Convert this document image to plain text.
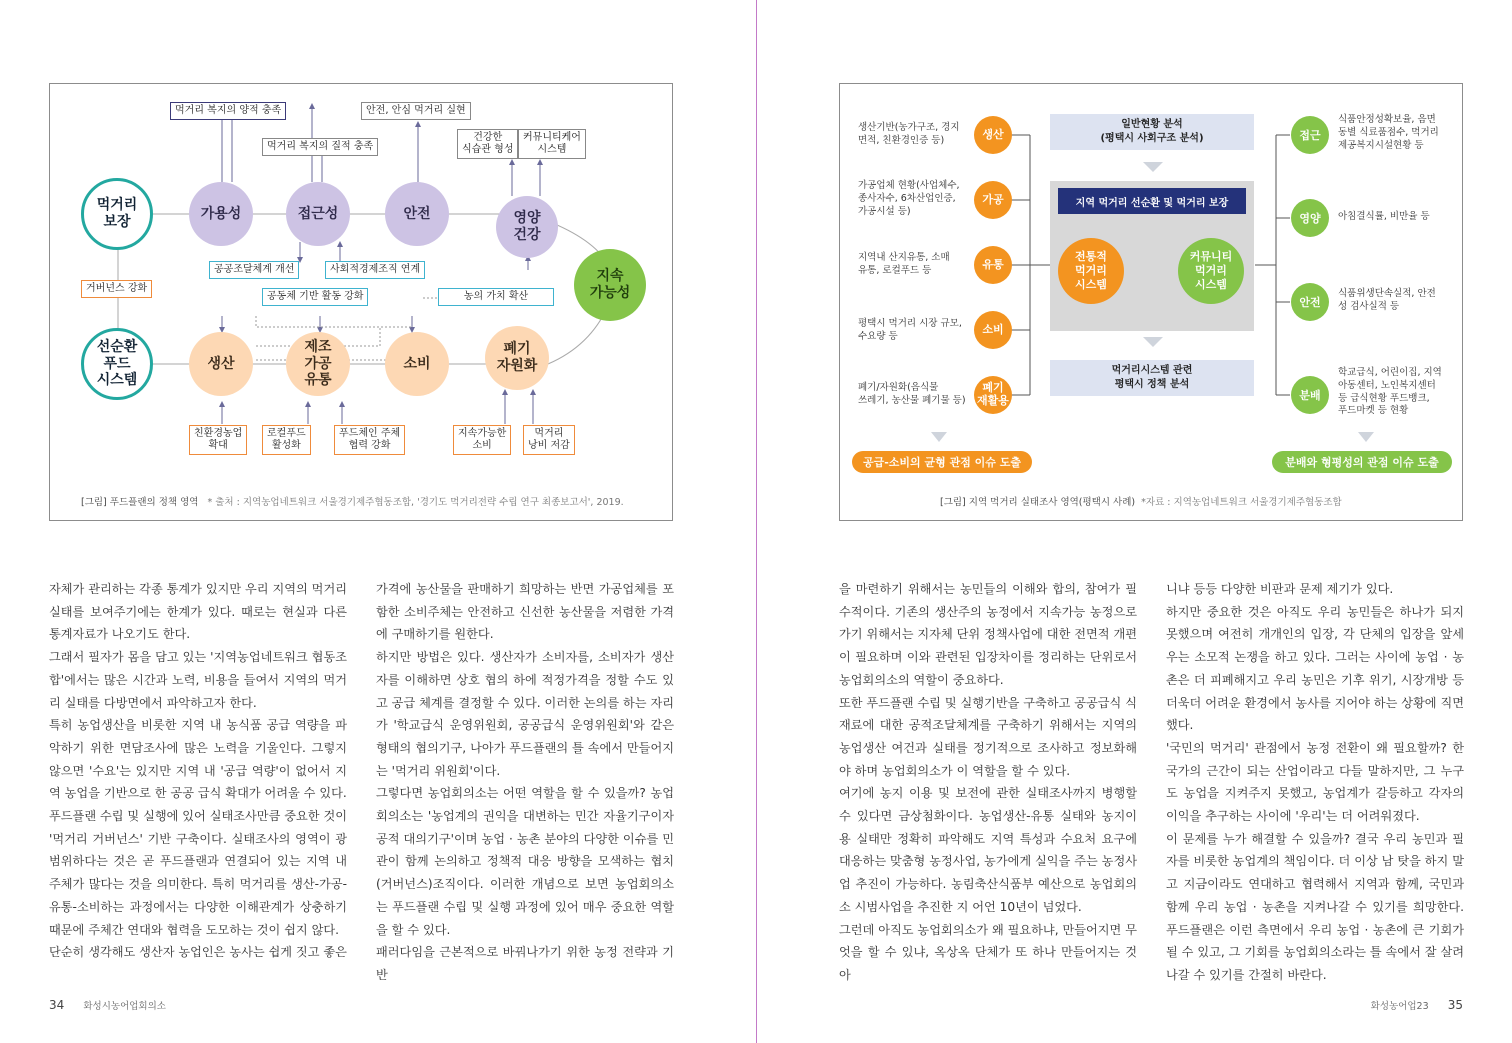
먹거리
보장
선순환
푸드
시스템
가용성	접근성	안전	영양
건강
지속
가능성
생산
제조
가공
유통
소비
폐기
자원화
먹거리 복지의 양적 충족	안전, 안심 먹거리 실현
먹거리 복지의 질적 충족
건강한
식습관 형성
커뮤니티케어
시스템
거버넌스 강화
공공조달체계 개선	사회적경제조직 연계
공동체 기반 활동 강화	농의 가치 확산
친환경농업
확대
로컬푸드
활성화
푸드체인 주체
협력 강화
지속가능한
소비
먹거리
낭비 저감
[그림] 푸드플랜의 정책 영역 * 출처 : 지역농업네트워크 서울경기제주협동조합, '경기도 먹거리전략 수립 연구 최종보고서', 2019.
생산기반(농가구조, 경지
면적, 친환경인증 등)	생산
가공업체 현황(사업체수,
종사자수, 6차산업인증,
가공시설 등)
가공
지역내 산지유통, 소매
유통, 로컬푸드 등	유통
평택시 먹거리 시장 규모,
수요량 등
소비
폐기/자원화(음식물
쓰레기, 농산물 폐기물 등)
폐기
재활용
일반현황 분석
(평택시 사회구조 분석)
지역 먹거리 선순환 및 먹거리 보장
전통적
먹거리
시스템
커뮤니티
먹거리
시스템
먹거리시스템 관련
평택시 정책 분석
접근
식품안정성확보율, 음면
동별 식료품점수, 먹거리
제공복지시설현황 등
영양 아침결식률, 비만율 등
안전
식품위생단속실적, 안전
성 검사실적 등
분배
학교급식, 어린이집, 지역
아동센터, 노인복지센터
등 급식현황 푸드뱅크,
푸드마켓 등 현황
공급-소비의 균형 관점 이슈 도출	분배와 형평성의 관점 이슈 도출
[그림] 지역 먹거리 실태조사 영역(평택시 사례) *자료 : 지역농업네트워크 서울경기제주협동조합

자체가 관리하는 각종 통계가 있지만 우리 지역의 먹거리 실태를 보여주기에는 한계가 있다. 때로는 현실과 다른 통계자료가 나오기도 한다.

그래서 필자가 몸을 담고 있는 '지역농업네트워크 협동조합'에서는 많은 시간과 노력, 비용을 들여서 지역의 먹거리 실태를 다방면에서 파악하고자 한다.

특히 농업생산을 비롯한 지역 내 농식품 공급 역량을 파악하기 위한 면담조사에 많은 노력을 기울인다. 그렇지 않으면 '수요'는 있지만 지역 내 '공급 역량'이 없어서 지역 농업을 기반으로 한 공공 급식 확대가 어려울 수 있다.

푸드플랜 수립 및 실행에 있어 실태조사만큼 중요한 것이 '먹거리 거버넌스' 기반 구축이다. 실태조사의 영역이 광범위하다는 것은 곧 푸드플랜과 연결되어 있는 지역 내 주체가 많다는 것을 의미한다. 특히 먹거리를 생산-가공-유통-소비하는 과정에서는 다양한 이해관계가 상충하기 때문에 주체간 연대와 협력을 도모하는 것이 쉽지 않다.

단순히 생각해도 생산자 농업인은 농사는 쉽게 짓고 좋은

가격에 농산물을 판매하기 희망하는 반면 가공업체를 포함한 소비주체는 안전하고 신선한 농산물을 저렴한 가격에 구매하기를 원한다.

하지만 방법은 있다. 생산자가 소비자를, 소비자가 생산자를 이해하면 상호 협의 하에 적정가격을 정할 수도 있고 공급 체계를 결정할 수 있다. 이러한 논의를 하는 자리가 '학교급식 운영위원회, 공공급식 운영위원회'와 같은 형태의 협의기구, 나아가 푸드플랜의 틀 속에서 만들어지는 '먹거리 위원회'이다.

그렇다면 농업회의소는 어떤 역할을 할 수 있을까? 농업회의소는 '농업계의 권익을 대변하는 민간 자율기구이자 공적 대의기구'이며 농업 · 농촌 분야의 다양한 이슈를 민관이 함께 논의하고 정책적 대응 방향을 모색하는 협치(거버넌스)조직이다. 이러한 개념으로 보면 농업회의소는 푸드플랜 수립 및 실행 과정에 있어 매우 중요한 역할을 할 수 있다.

패러다임을 근본적으로 바꿔나가기 위한 농정 전략과 기반

을 마련하기 위해서는 농민들의 이해와 합의, 참여가 필수적이다. 기존의 생산주의 농정에서 지속가능 농정으로 가기 위해서는 지자체 단위 정책사업에 대한 전면적 개편이 필요하며 이와 관련된 입장차이를 정리하는 단위로서 농업회의소의 역할이 중요하다.

또한 푸드플랜 수립 및 실행기반을 구축하고 공공급식 식재료에 대한 공적조달체계를 구축하기 위해서는 지역의 농업생산 여건과 실태를 정기적으로 조사하고 정보화해야 하며 농업회의소가 이 역할을 할 수 있다.

여기에 농지 이용 및 보전에 관한 실태조사까지 병행할 수 있다면 금상첨화이다. 농업생산-유통 실태와 농지이용 실태만 정확히 파악해도 지역 특성과 수요처 요구에 대응하는 맞춤형 농정사업, 농가에게 실익을 주는 농정사업 추진이 가능하다. 농림축산식품부 예산으로 농업회의소 시범사업을 추진한 지 어언 10년이 넘었다.

그런데 아직도 농업회의소가 왜 필요하냐, 만들어지면 무엇을 할 수 있냐, 옥상옥 단체가 또 하나 만들어지는 것 아

니냐 등등 다양한 비판과 문제 제기가 있다.

하지만 중요한 것은 아직도 우리 농민들은 하나가 되지 못했으며 여전히 개개인의 입장, 각 단체의 입장을 앞세우는 소모적 논쟁을 하고 있다. 그러는 사이에 농업 · 농촌은 더 피폐해지고 우리 농민은 기후 위기, 시장개방 등 더욱더 어려운 환경에서 농사를 지어야 하는 상황에 직면했다.

'국민의 먹거리' 관점에서 농정 전환이 왜 필요할까? 한 국가의 근간이 되는 산업이라고 다들 말하지만, 그 누구도 농업을 지켜주지 못했고, 농업계가 갈등하고 각자의 이익을 추구하는 사이에 '우리'는 더 어려워졌다.

이 문제를 누가 해결할 수 있을까? 결국 우리 농민과 필자를 비롯한 농업계의 책임이다. 더 이상 남 탓을 하지 말고 지금이라도 연대하고 협력해서 지역과 함께, 국민과 함께 우리 농업 · 농촌을 지켜나갈 수 있기를 희망한다. 푸드플랜은 이런 측면에서 우리 농업 · 농촌에 큰 기회가 될 수 있고, 그 기회를 농업회의소라는 틀 속에서 잘 살려 나갈 수 있기를 간절히 바란다.

34 화성시농어업회의소	화성농어업23 35
